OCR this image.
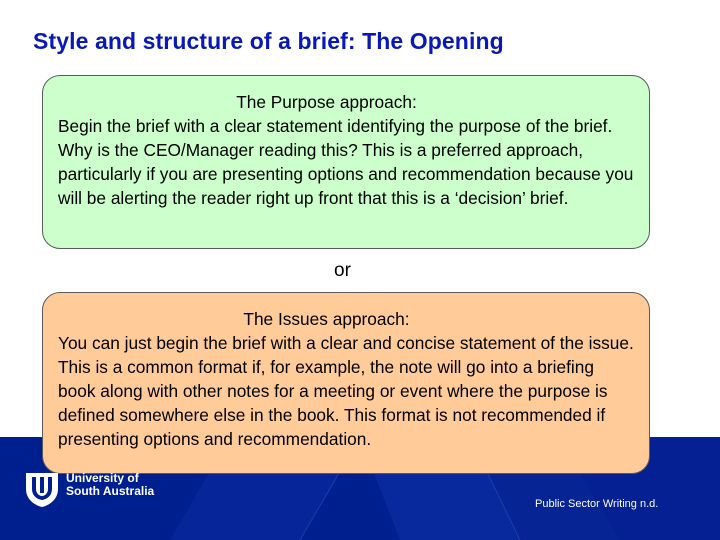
Style and structure of a brief: The Opening
The Purpose approach:
Begin the brief with a clear statement identifying the purpose of the brief. Why is the CEO/Manager reading this? This is a preferred approach, particularly if you are presenting options and recommendation because you will be alerting the reader right up front that this is a ‘decision’ brief.
or
The Issues approach:
You can just begin the brief with a clear and concise statement of the issue. This is a common format if, for example, the note will go into a briefing book along with other notes for a meeting or event where the purpose is defined somewhere else in the book. This format is not recommended if presenting options and recommendation.
University of
South Australia
Public Sector Writing n.d.
